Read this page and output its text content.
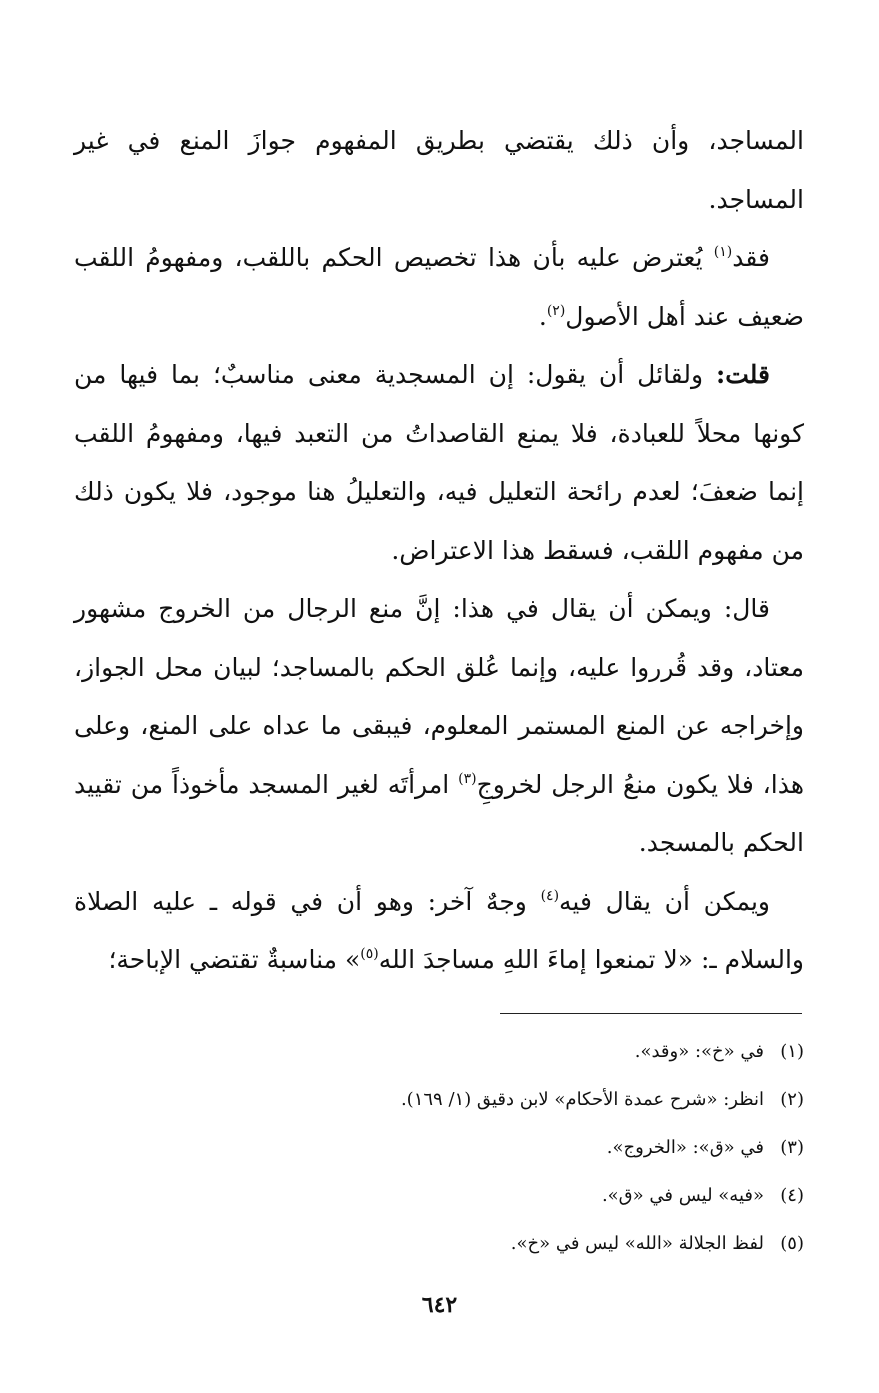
المساجد، وأن ذلك يقتضي بطريق المفهوم جوازَ المنع في غير المساجد.

فقد$^{(١)}$ يُعترض عليه بأن هذا تخصيص الحكم باللقب، ومفهومُ اللقب ضعيف عند أهل الأصول$^{(٢)}$.

قلت: ولقائل أن يقول: إن المسجدية معنى مناسبٌ؛ بما فيها من كونها محلاً للعبادة، فلا يمنع القاصداتُ من التعبد فيها، ومفهومُ اللقب إنما ضعفَ؛ لعدم رائحة التعليل فيه، والتعليلُ هنا موجود، فلا يكون ذلك من مفهوم اللقب، فسقط هذا الاعتراض.

قال: ويمكن أن يقال في هذا: إنَّ منع الرجال من الخروج مشهور معتاد، وقد قُرروا عليه، وإنما عُلق الحكم بالمساجد؛ لبيان محل الجواز، وإخراجه عن المنع المستمر المعلوم، فيبقى ما عداه على المنع، وعلى هذا، فلا يكون منعُ الرجل لخروجِ$^{(٣)}$ امرأتَه لغير المسجد مأخوذاً من تقييد الحكم بالمسجد.

ويمكن أن يقال فيه$^{(٤)}$ وجهٌ آخر: وهو أن في قوله ـ عليه الصلاة والسلام ـ: «لا تمنعوا إماءَ اللهِ مساجدَ الله$^{(٥)}$» مناسبةٌ تقتضي الإباحة؛

(١)
في «خ»: «وقد».
(٢)
انظر: «شرح عمدة الأحكام» لابن دقيق (١/ ١٦٩).
(٣)
في «ق»: «الخروج».
(٤)
«فيه» ليس في «ق».
(٥)
لفظ الجلالة «الله» ليس في «خ».
٦٤٢
